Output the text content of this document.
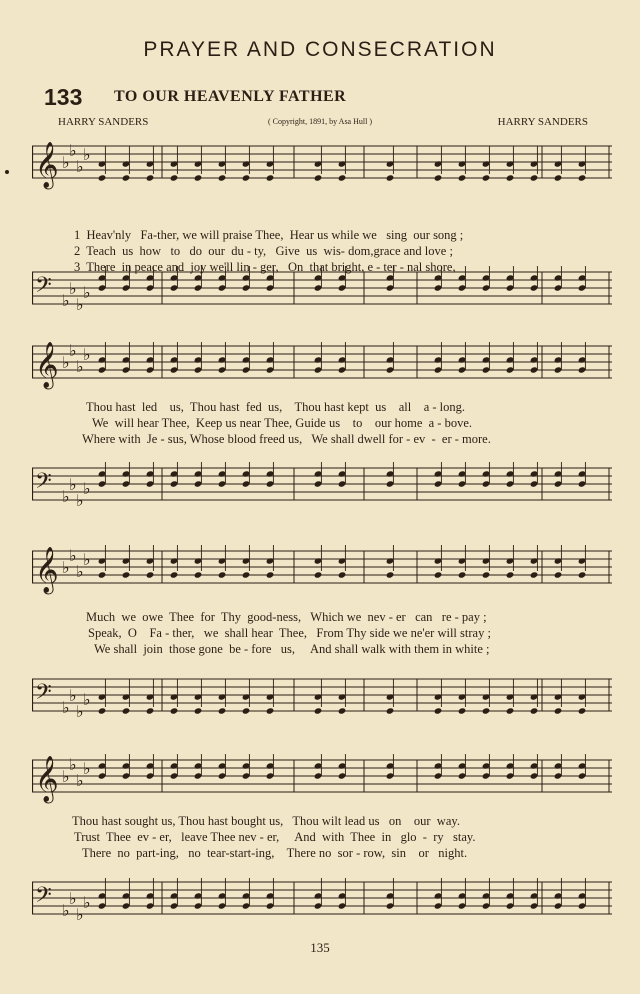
PRAYER AND CONSECRATION
133 TO OUR HEAVENLY FATHER
HARRY SANDERS	( Copyright, 1891, by Asa Hull )	HARRY SANDERS
𝄞 ♭
♭
♭
♭
1  Heav'nly   Fa-ther, we will praise Thee,  Hear us while we   sing  our song ;
2  Teach  us  how   to   do  our  du - ty,   Give  us  wis- dom,grace and love ;
3  There  in peace and  joy we'll lin - ger,   On  that bright, e - ter - nal shore,
𝄢 ♭
♭
♭
♭
𝄞 ♭
♭
♭
♭
Thou hast  led    us,  Thou hast  fed  us,    Thou hast kept  us    all    a - long.
We  will hear Thee,  Keep us near Thee, Guide us    to    our home  a - bove.
Where with  Je - sus, Whose blood freed us,   We shall dwell for - ev  -  er - more.
𝄢 ♭
♭
♭
♭
𝄞 ♭
♭
♭
♭
Much  we  owe  Thee  for  Thy  good-ness,   Which we  nev - er   can   re - pay ;
Speak,  O    Fa - ther,   we  shall hear  Thee,   From Thy side we ne'er will stray ;
We shall  join  those gone  be - fore   us,     And shall walk with them in white ;
𝄢 ♭
♭
♭
♭
𝄞 ♭
♭
♭
♭
Thou hast sought us, Thou hast bought us,   Thou wilt lead us   on    our  way.
Trust  Thee  ev - er,   leave Thee nev - er,     And  with  Thee  in   glo  -  ry   stay.
There  no  part-ing,   no  tear-start-ing,    There no  sor - row,  sin    or   night.
𝄢 ♭
♭
♭
♭
135
